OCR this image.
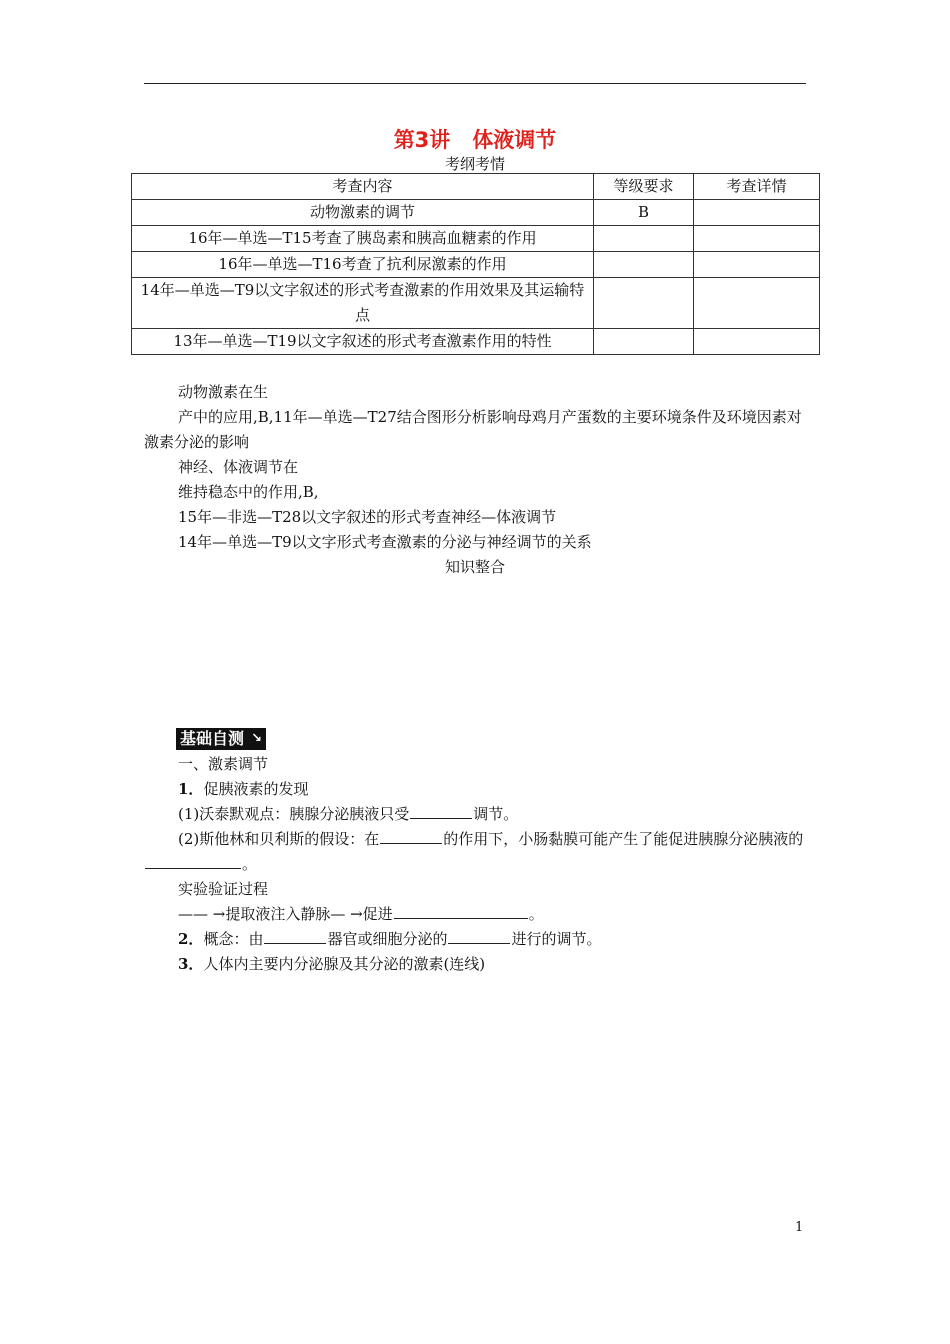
第3讲 体液调节
考纲考情
考查内容	等级要求	考查详情
动物激素的调节	B	
16年—单选—T15考查了胰岛素和胰高血糖素的作用		
16年—单选—T16考查了抗利尿激素的作用		
14年—单选—T9以文字叙述的形式考查激素的作用效果及其运输特点		
13年—单选—T19以文字叙述的形式考查激素作用的特性		
动物激素在生
产中的应用,B,11年—单选—T27结合图形分析影响母鸡月产蛋数的主要环境条件及环境因素对激素分泌的影响
神经、体液调节在
维持稳态中的作用,B,
15年—非选—T28以文字叙述的形式考查神经—体液调节
14年—单选—T9以文字形式考查激素的分泌与神经调节的关系
知识整合
基础自测 ↘
一、激素调节
1．促胰液素的发现
(1)沃泰默观点：胰腺分泌胰液只受	调节。
(2)斯他林和贝利斯的假设：在	的作用下，小肠黏膜可能产生了能促进胰腺分泌胰液的。
实验验证过程
—— →提取液注入静脉— →促进	。
2．概念：由	器官或细胞分泌的	进行的调节。
3．人体内主要内分泌腺及其分泌的激素(连线)
1
